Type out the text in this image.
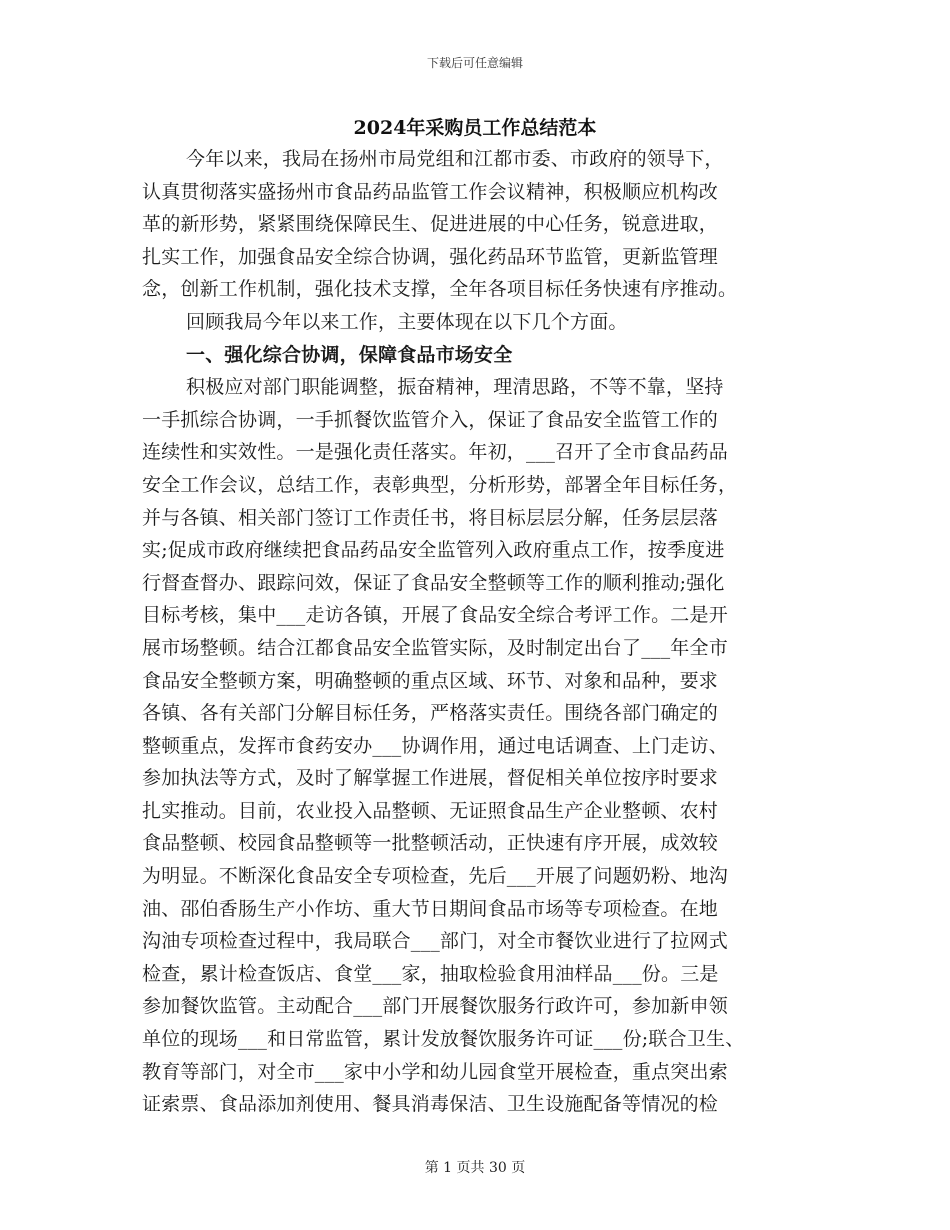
下载后可任意编辑
2024年采购员工作总结范本
今年以来，我局在扬州市局党组和江都市委、市政府的领导下，
认真贯彻落实盛扬州市食品药品监管工作会议精神，积极顺应机构改
革的新形势，紧紧围绕保障民生、促进进展的中心任务，锐意进取，
扎实工作，加强食品安全综合协调，强化药品环节监管，更新监管理
念，创新工作机制，强化技术支撑，全年各项目标任务快速有序推动。
回顾我局今年以来工作，主要体现在以下几个方面。
一、强化综合协调，保障食品市场安全
积极应对部门职能调整，振奋精神，理清思路，不等不靠，坚持
一手抓综合协调，一手抓餐饮监管介入，保证了食品安全监管工作的
连续性和实效性。一是强化责任落实。年初，___召开了全市食品药品
安全工作会议，总结工作，表彰典型，分析形势，部署全年目标任务，
并与各镇、相关部门签订工作责任书，将目标层层分解，任务层层落
实;促成市政府继续把食品药品安全监管列入政府重点工作，按季度进
行督查督办、跟踪问效，保证了食品安全整顿等工作的顺利推动;强化
目标考核，集中___走访各镇，开展了食品安全综合考评工作。二是开
展市场整顿。结合江都食品安全监管实际，及时制定出台了___年全市
食品安全整顿方案，明确整顿的重点区域、环节、对象和品种，要求
各镇、各有关部门分解目标任务，严格落实责任。围绕各部门确定的
整顿重点，发挥市食药安办___协调作用，通过电话调查、上门走访、
参加执法等方式，及时了解掌握工作进展，督促相关单位按序时要求
扎实推动。目前，农业投入品整顿、无证照食品生产企业整顿、农村
食品整顿、校园食品整顿等一批整顿活动，正快速有序开展，成效较
为明显。不断深化食品安全专项检查，先后___开展了问题奶粉、地沟
油、邵伯香肠生产小作坊、重大节日期间食品市场等专项检查。在地
沟油专项检查过程中，我局联合___部门，对全市餐饮业进行了拉网式
检查，累计检查饭店、食堂___家，抽取检验食用油样品___份。三是
参加餐饮监管。主动配合___部门开展餐饮服务行政许可，参加新申领
单位的现场___和日常监管，累计发放餐饮服务许可证___份;联合卫生、
教育等部门，对全市___家中小学和幼儿园食堂开展检查，重点突出索
证索票、食品添加剂使用、餐具消毒保洁、卫生设施配备等情况的检
第 1 页共 30 页
